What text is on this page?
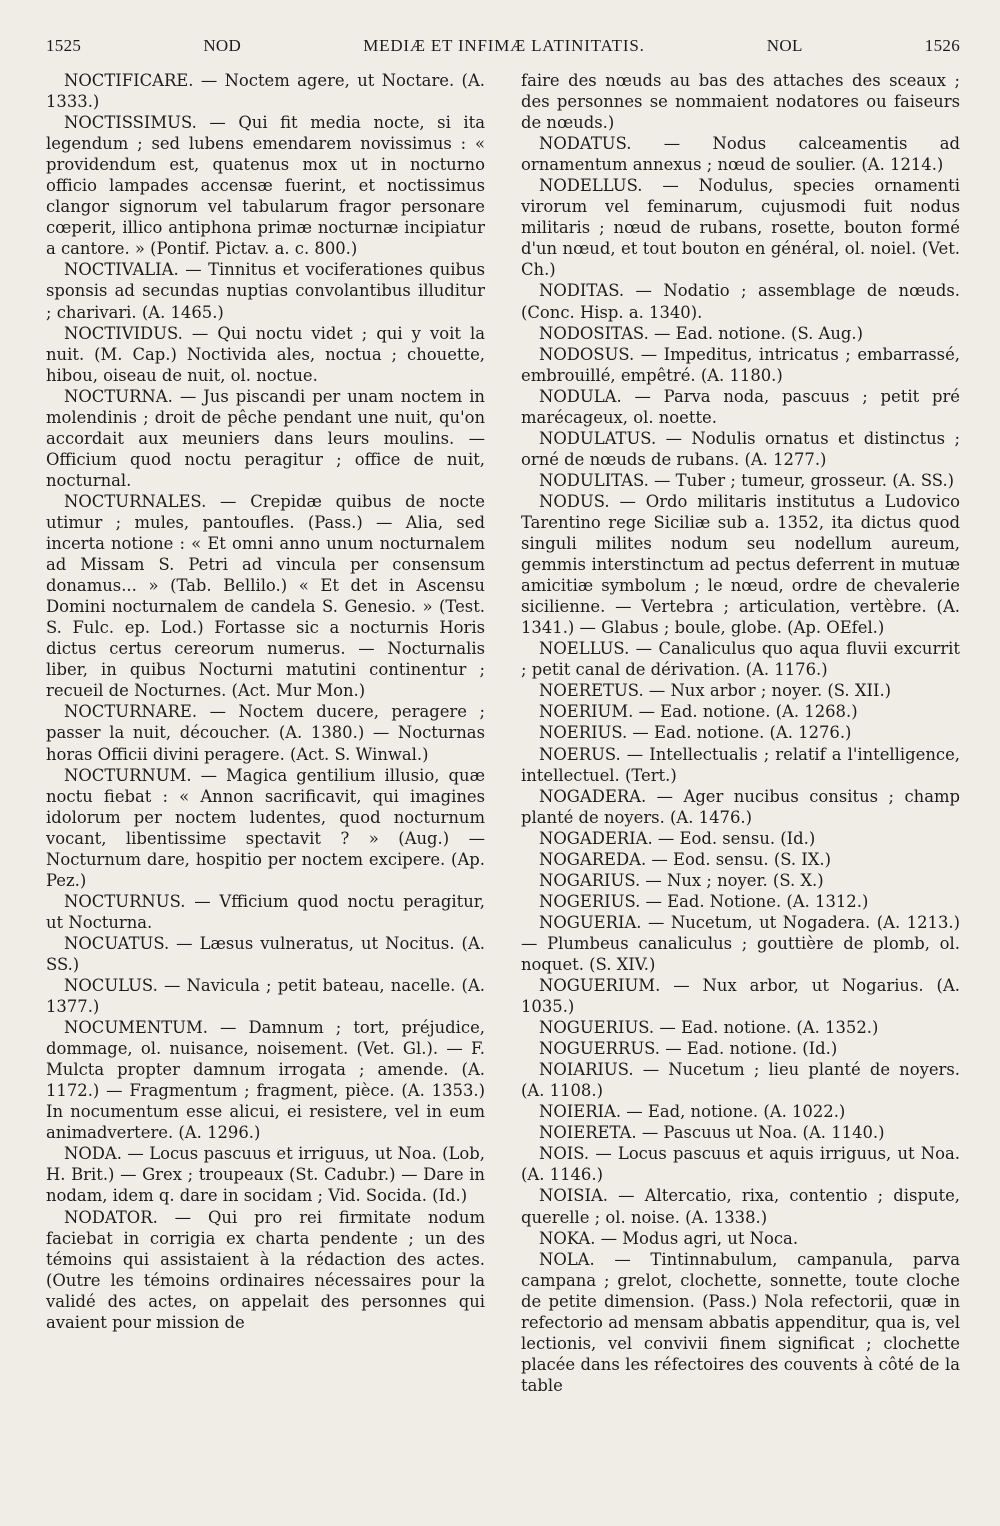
1525	NOD	MEDIÆ ET INFIMÆ LATINITATIS.	NOL	1526

NOCTIFICARE. — Noctem agere, ut Noctare. (A. 1333.)

NOCTISSIMUS. — Qui fit media nocte, si ita legendum ; sed lubens emendarem novissimus : « providendum est, quatenus mox ut in nocturno officio lampades accensæ fuerint, et noctissimus clangor signorum vel tabularum fragor personare cœperit, illico antiphona primæ nocturnæ incipiatur a cantore. » (Pontif. Pictav. a. c. 800.)

NOCTIVALIA. — Tinnitus et vociferationes quibus sponsis ad secundas nuptias convolantibus illuditur ; charivari. (A. 1465.)

NOCTIVIDUS. — Qui noctu videt ; qui y voit la nuit. (M. Cap.) Noctivida ales, noctua ; chouette, hibou, oiseau de nuit, ol. noctue.

NOCTURNA. — Jus piscandi per unam noctem in molendinis ; droit de pêche pendant une nuit, qu'on accordait aux meuniers dans leurs moulins. — Officium quod noctu peragitur ; office de nuit, nocturnal.

NOCTURNALES. — Crepidæ quibus de nocte utimur ; mules, pantoufles. (Pass.) — Alia, sed incerta notione : « Et omni anno unum nocturnalem ad Missam S. Petri ad vincula per consensum donamus... » (Tab. Bellilo.) « Et det in Ascensu Domini nocturnalem de candela S. Genesio. » (Test. S. Fulc. ep. Lod.) Fortasse sic a nocturnis Horis dictus certus cereorum numerus. — Nocturnalis liber, in quibus Nocturni matutini continentur ; recueil de Nocturnes. (Act. Mur Mon.)

NOCTURNARE. — Noctem ducere, peragere ; passer la nuit, découcher. (A. 1380.) — Nocturnas horas Officii divini peragere. (Act. S. Winwal.)

NOCTURNUM. — Magica gentilium illusio, quæ noctu fiebat : « Annon sacrificavit, qui imagines idolorum per noctem ludentes, quod nocturnum vocant, libentissime spectavit ? » (Aug.) — Nocturnum dare, hospitio per noctem excipere. (Ap. Pez.)

NOCTURNUS. — Vfficium quod noctu peragitur, ut Nocturna.

NOCUATUS. — Læsus vulneratus, ut Nocitus. (A. SS.)

NOCULUS. — Navicula ; petit bateau, nacelle. (A. 1377.)

NOCUMENTUM. — Damnum ; tort, préjudice, dommage, ol. nuisance, noisement. (Vet. Gl.). — F. Mulcta propter damnum irrogata ; amende. (A. 1172.) — Fragmentum ; fragment, pièce. (A. 1353.) In nocumentum esse alicui, ei resistere, vel in eum animadvertere. (A. 1296.)

NODA. — Locus pascuus et irriguus, ut Noa. (Lob, H. Brit.) — Grex ; troupeaux (St. Cadubr.) — Dare in nodam, idem q. dare in socidam ; Vid. Socida. (Id.)

NODATOR. — Qui pro rei firmitate nodum faciebat in corrigia ex charta pendente ; un des témoins qui assistaient à la rédaction des actes. (Outre les témoins ordinaires nécessaires pour la validé des actes, on appelait des personnes qui avaient pour mission de

faire des nœuds au bas des attaches des sceaux ; des personnes se nommaient nodatores ou faiseurs de nœuds.)

NODATUS. — Nodus calceamentis ad ornamentum annexus ; nœud de soulier. (A. 1214.)

NODELLUS. — Nodulus, species ornamenti virorum vel feminarum, cujusmodi fuit nodus militaris ; nœud de rubans, rosette, bouton formé d'un nœud, et tout bouton en général, ol. noiel. (Vet. Ch.)

NODITAS. — Nodatio ; assemblage de nœuds. (Conc. Hisp. a. 1340).

NODOSITAS. — Ead. notione. (S. Aug.)

NODOSUS. — Impeditus, intricatus ; embarrassé, embrouillé, empêtré. (A. 1180.)

NODULA. — Parva noda, pascuus ; petit pré marécageux, ol. noette.

NODULATUS. — Nodulis ornatus et distinctus ; orné de nœuds de rubans. (A. 1277.)

NODULITAS. — Tuber ; tumeur, grosseur. (A. SS.)

NODUS. — Ordo militaris institutus a Ludovico Tarentino rege Siciliæ sub a. 1352, ita dictus quod singuli milites nodum seu nodellum aureum, gemmis interstinctum ad pectus deferrent in mutuæ amicitiæ symbolum ; le nœud, ordre de chevalerie sicilienne. — Vertebra ; articulation, vertèbre. (A. 1341.) — Glabus ; boule, globe. (Ap. OEfel.)

NOELLUS. — Canaliculus quo aqua fluvii excurrit ; petit canal de dérivation. (A. 1176.)

NOERETUS. — Nux arbor ; noyer. (S. XII.)

NOERIUM. — Ead. notione. (A. 1268.)

NOERIUS. — Ead. notione. (A. 1276.)

NOERUS. — Intellectualis ; relatif a l'intelligence, intellectuel. (Tert.)

NOGADERA. — Ager nucibus consitus ; champ planté de noyers. (A. 1476.)

NOGADERIA. — Eod. sensu. (Id.)

NOGAREDA. — Eod. sensu. (S. IX.)

NOGARIUS. — Nux ; noyer. (S. X.)

NOGERIUS. — Ead. Notione. (A. 1312.)

NOGUERIA. — Nucetum, ut Nogadera. (A. 1213.) — Plumbeus canaliculus ; gouttière de plomb, ol. noquet. (S. XIV.)

NOGUERIUM. — Nux arbor, ut Nogarius. (A. 1035.)

NOGUERIUS. — Ead. notione. (A. 1352.)

NOGUERRUS. — Ead. notione. (Id.)

NOIARIUS. — Nucetum ; lieu planté de noyers. (A. 1108.)

NOIERIA. — Ead, notione. (A. 1022.)

NOIERETA. — Pascuus ut Noa. (A. 1140.)

NOIS. — Locus pascuus et aquis irriguus, ut Noa. (A. 1146.)

NOISIA. — Altercatio, rixa, contentio ; dispute, querelle ; ol. noise. (A. 1338.)

NOKA. — Modus agri, ut Noca.

NOLA. — Tintinnabulum, campanula, parva campana ; grelot, clochette, sonnette, toute cloche de petite dimension. (Pass.) Nola refectorii, quæ in refectorio ad mensam abbatis appenditur, qua is, vel lectionis, vel convivii finem significat ; clochette placée dans les réfectoires des couvents à côté de la table
